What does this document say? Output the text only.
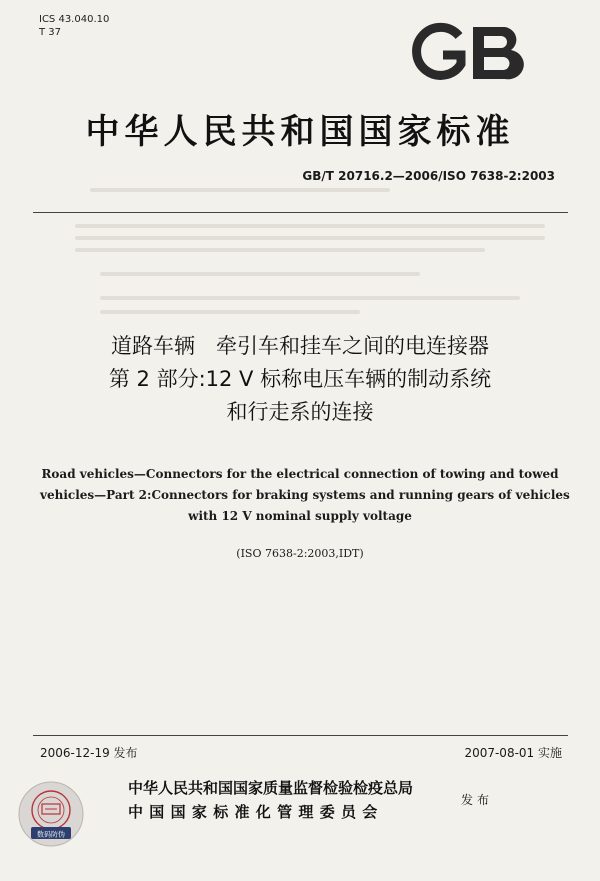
ICS 43.040.10
T 37
中华人民共和国国家标准
GB/T 20716.2—2006/ISO 7638-2:2003
道路车辆　牵引车和挂车之间的电连接器
第 2 部分:12 V 标称电压车辆的制动系统
和行走系的连接
Road vehicles—Connectors for the electrical connection of towing and towed
vehicles—Part 2:Connectors for braking systems and running gears of vehicles
with 12 V nominal supply voltage
(ISO 7638-2:2003,IDT)
2006-12-19 发布	2007-08-01 实施
数码防伪
中华人民共和国国家质量监督检验检疫总局
中国国家标准化管理委员会
发布
